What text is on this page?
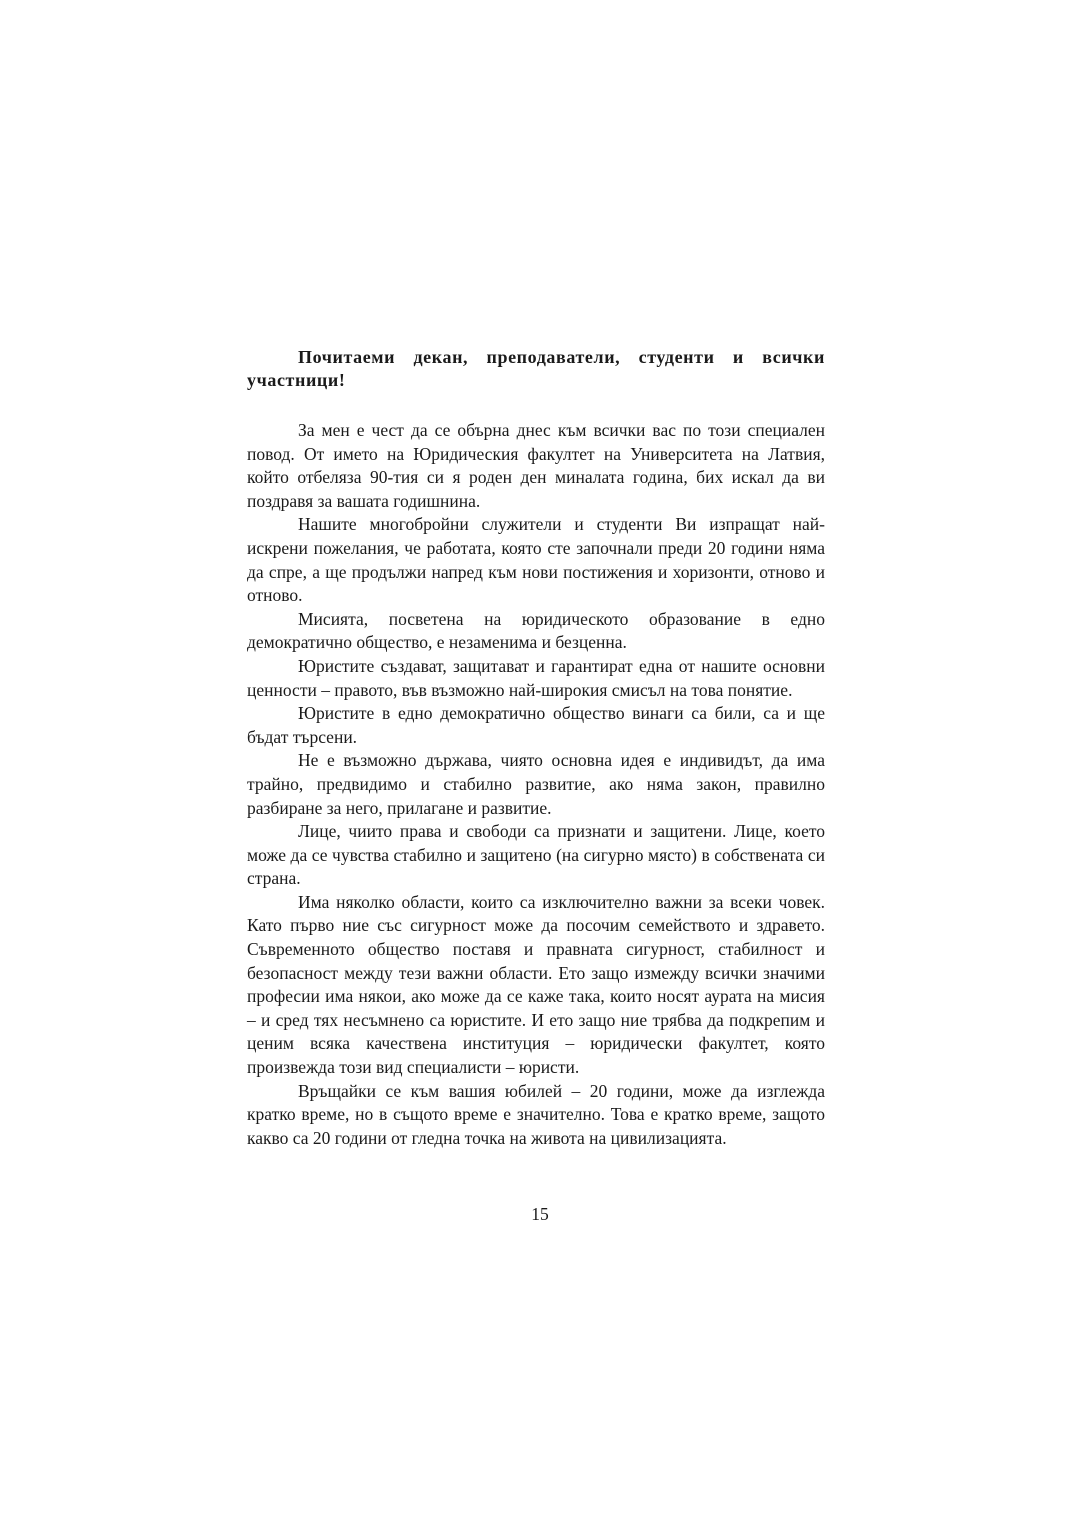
Почитаеми декан, преподаватели, студенти и всички участници!

За мен е чест да се обърна днес към всички вас по този специален повод. От името на Юридическия факултет на Университета на Латвия, който отбеляза 90-тия си я роден ден миналата година, бих искал да ви поздравя за вашата годишнина.

Нашите многобройни служители и студенти Ви изпращат най-искрени пожелания, че работата, която сте започнали преди 20 години няма да спре, а ще продължи напред към нови постижения и хоризонти, отново и отново.

Мисията, посветена на юридическото образование в едно демократично общество, е незаменима и безценна.

Юристите създават, защитават и гарантират една от нашите основни ценности – правото, във възможно най-широкия смисъл на това понятие.

Юристите в едно демократично общество винаги са били, са и ще бъдат търсени.

Не е възможно държава, чиято основна идея е индивидът, да има трайно, предвидимо и стабилно развитие, ако няма закон, правилно разбиране за него, прилагане и развитие.

Лице, чиито права и свободи са признати и защитени. Лице, което може да се чувства стабилно и защитено (на сигурно място) в собствената си страна.

Има няколко области, които са изключително важни за всеки човек. Като първо ние със сигурност може да посочим семейството и здравето. Съвременното общество поставя и правната сигурност, стабилност и безопасност между тези важни области. Ето защо измежду всички значими професии има някои, ако може да се каже така, които носят аурата на мисия – и сред тях несъмнено са юристите. И ето защо ние трябва да подкрепим и ценим всяка качествена институция – юридически факултет, която произвежда този вид специалисти – юристи.

Връщайки се към вашия юбилей – 20 години, може да изглежда кратко време, но в същото време е значително. Това е кратко време, защото какво са 20 години от гледна точка на живота на цивилизацията.

15
